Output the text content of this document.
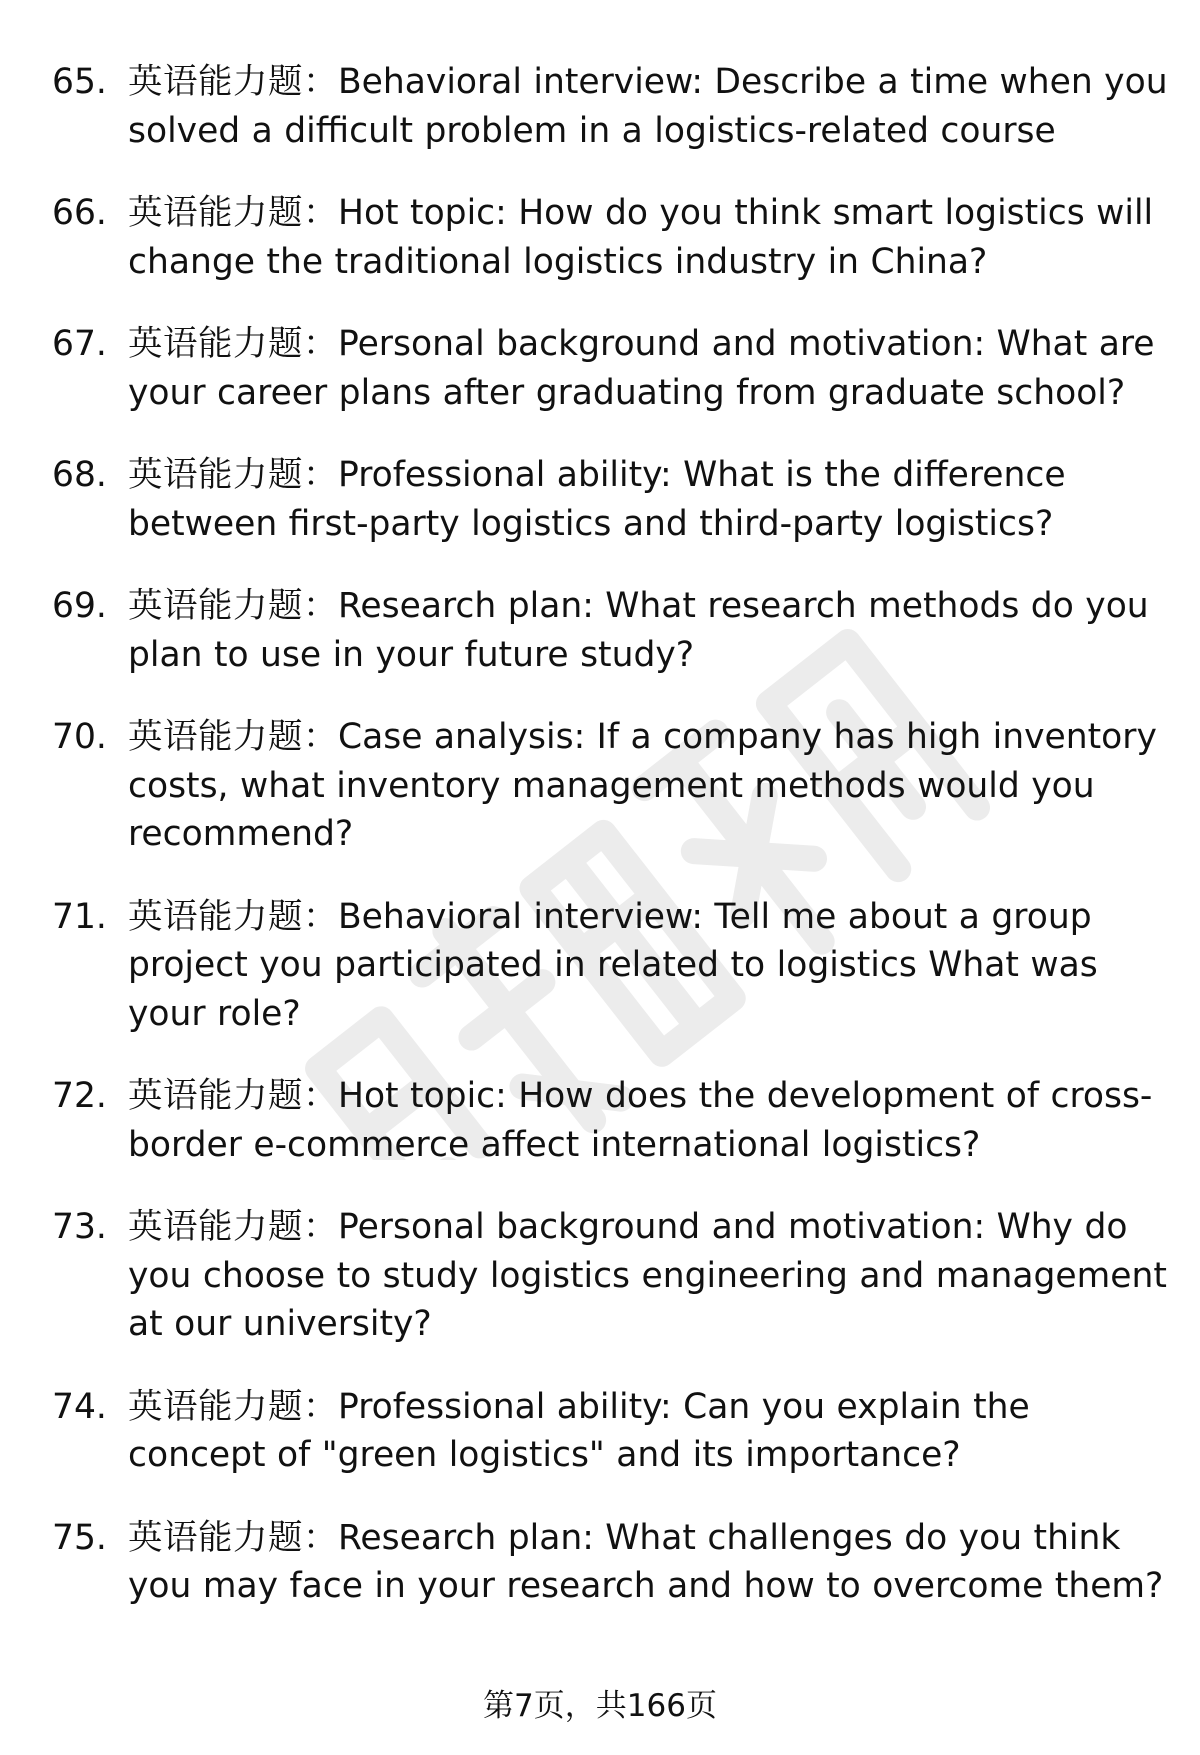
65. 英语能力题：Behavioral interview: Describe a time when you solved a difficult problem in a logistics-related course
66. 英语能力题：Hot topic: How do you think smart logistics will change the traditional logistics industry in China?
67. 英语能力题：Personal background and motivation: What are your career plans after graduating from graduate school?
68. 英语能力题：Professional ability: What is the difference between first-party logistics and third-party logistics?
69. 英语能力题：Research plan: What research methods do you plan to use in your future study?
70. 英语能力题：Case analysis: If a company has high inventory costs, what inventory management methods would you recommend?
71. 英语能力题：Behavioral interview: Tell me about a group project you participated in related to logistics What was your role?
72. 英语能力题：Hot topic: How does the development of cross-border e-commerce affect international logistics?
73. 英语能力题：Personal background and motivation: Why do you choose to study logistics engineering and management at our university?
74. 英语能力题：Professional ability: Can you explain the concept of "green logistics" and its importance?
75. 英语能力题：Research plan: What challenges do you think you may face in your research and how to overcome them?
第7页，共166页
